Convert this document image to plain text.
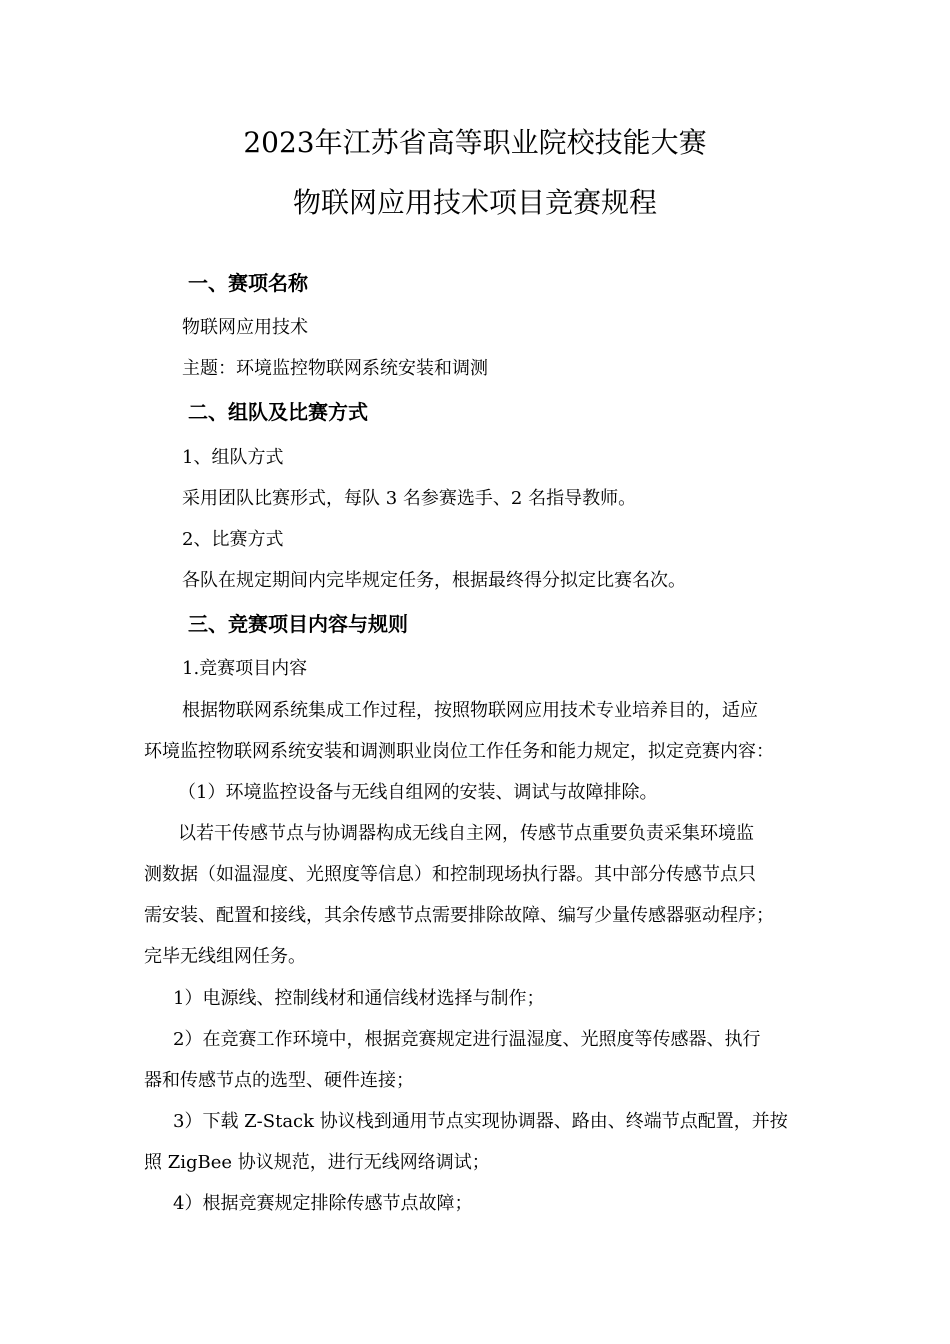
2023年江苏省高等职业院校技能大赛
物联网应用技术项目竞赛规程
一、赛项名称
物联网应用技术
主题：环境监控物联网系统安装和调测
二、组队及比赛方式
1、组队方式
采用团队比赛形式，每队 3 名参赛选手、2 名指导教师。
2、比赛方式
各队在规定期间内完毕规定任务，根据最终得分拟定比赛名次。
三、竞赛项目内容与规则
1.竞赛项目内容
根据物联网系统集成工作过程，按照物联网应用技术专业培养目的，适应
环境监控物联网系统安装和调测职业岗位工作任务和能力规定，拟定竞赛内容：
（1）环境监控设备与无线自组网的安装、调试与故障排除。
以若干传感节点与协调器构成无线自主网，传感节点重要负责采集环境监
测数据（如温湿度、光照度等信息）和控制现场执行器。其中部分传感节点只
需安装、配置和接线，其余传感节点需要排除故障、编写少量传感器驱动程序；
完毕无线组网任务。
1）电源线、控制线材和通信线材选择与制作；
2）在竞赛工作环境中，根据竞赛规定进行温湿度、光照度等传感器、执行
器和传感节点的选型、硬件连接；
3）下载 Z-Stack 协议栈到通用节点实现协调器、路由、终端节点配置，并按
照 ZigBee 协议规范，进行无线网络调试；
4）根据竞赛规定排除传感节点故障；
